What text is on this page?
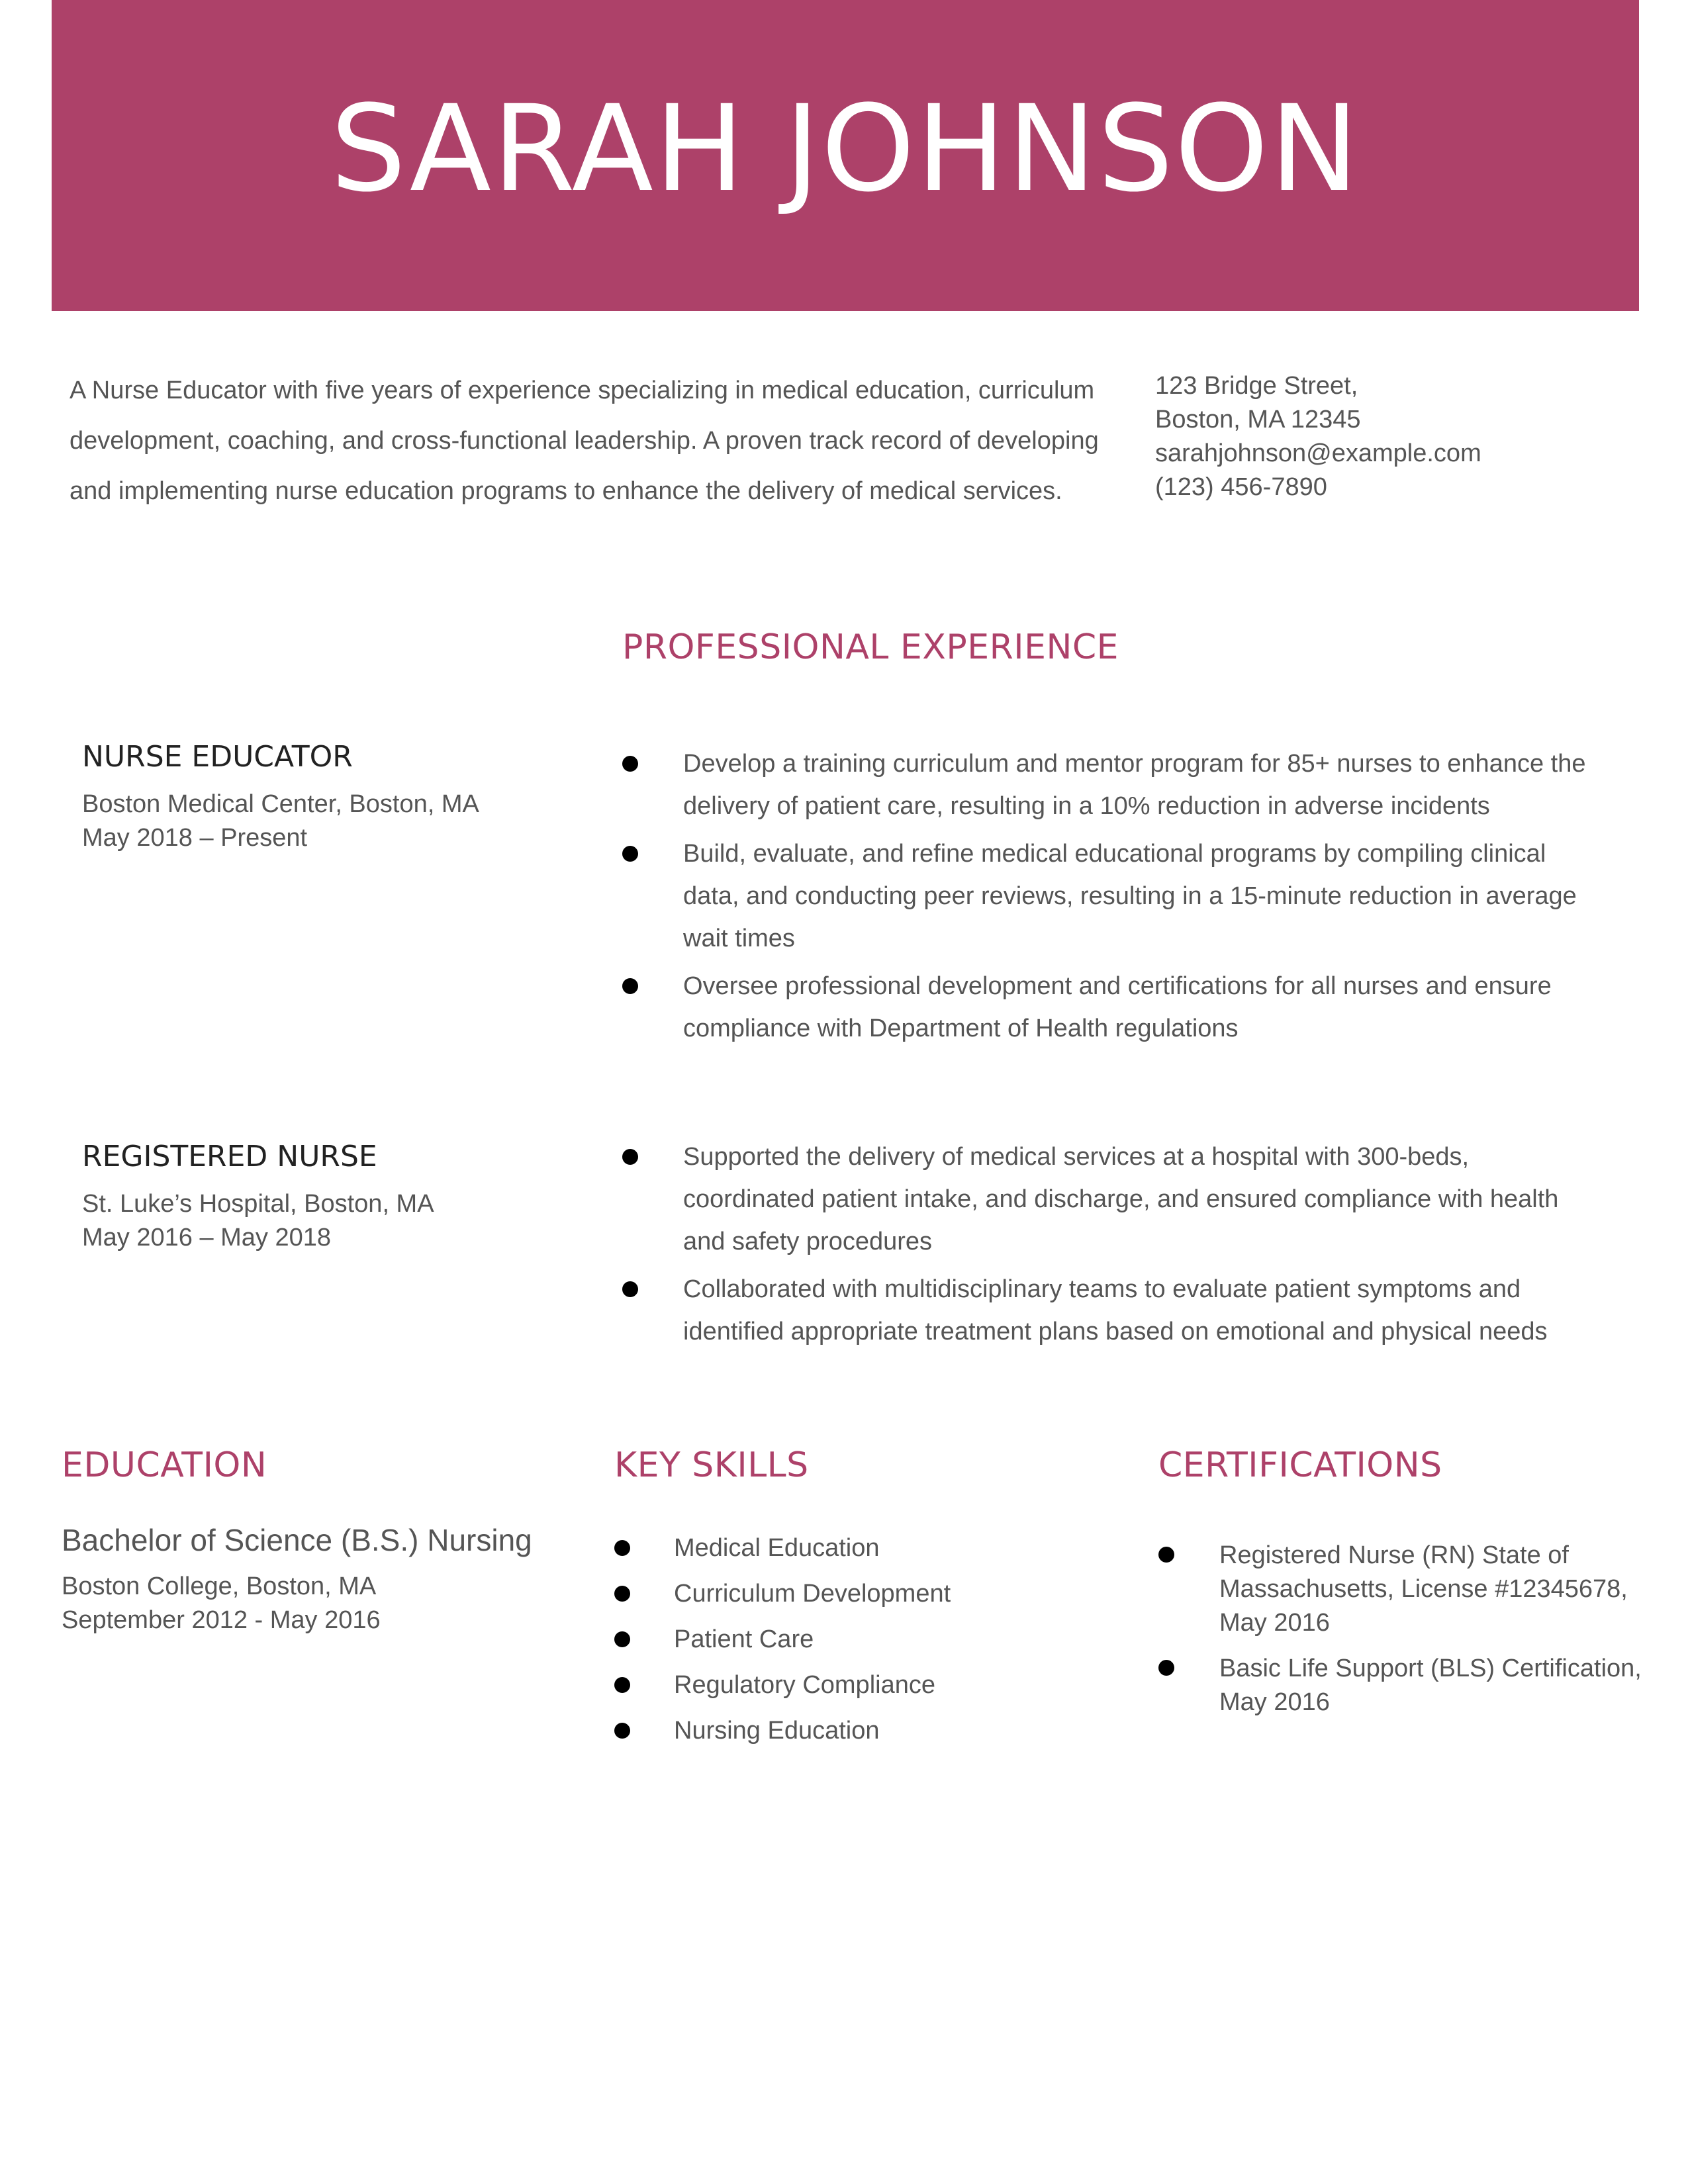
SARAH JOHNSON

A Nurse Educator with five years of experience specializing in medical education, curriculum development, coaching, and cross-functional leadership. A proven track record of developing and implementing nurse education programs to enhance the delivery of medical services.

123 Bridge Street,
Boston, MA 12345
sarahjohnson@example.com
(123) 456-7890
PROFESSIONAL EXPERIENCE
NURSE EDUCATOR
Boston Medical Center, Boston, MA
May 2018 – Present
Develop a training curriculum and mentor program for 85+ nurses to enhance the delivery of patient care, resulting in a 10% reduction in adverse incidents
Build, evaluate, and refine medical educational programs by compiling clinical data, and conducting peer reviews, resulting in a 15-minute reduction in average wait times
Oversee professional development and certifications for all nurses and ensure compliance with Department of Health regulations
REGISTERED NURSE
St. Luke’s Hospital, Boston, MA
May 2016 – May 2018
Supported the delivery of medical services at a hospital with 300-beds, coordinated patient intake, and discharge, and ensured compliance with health and safety procedures
Collaborated with multidisciplinary teams to evaluate patient symptoms and identified appropriate treatment plans based on emotional and physical needs
EDUCATION
Bachelor of Science (B.S.) Nursing
Boston College, Boston, MA
September 2012 - May 2016
KEY SKILLS
Medical Education
Curriculum Development
Patient Care
Regulatory Compliance
Nursing Education
CERTIFICATIONS
Registered Nurse (RN) State of Massachusetts, License #12345678, May 2016
Basic Life Support (BLS) Certification, May 2016
